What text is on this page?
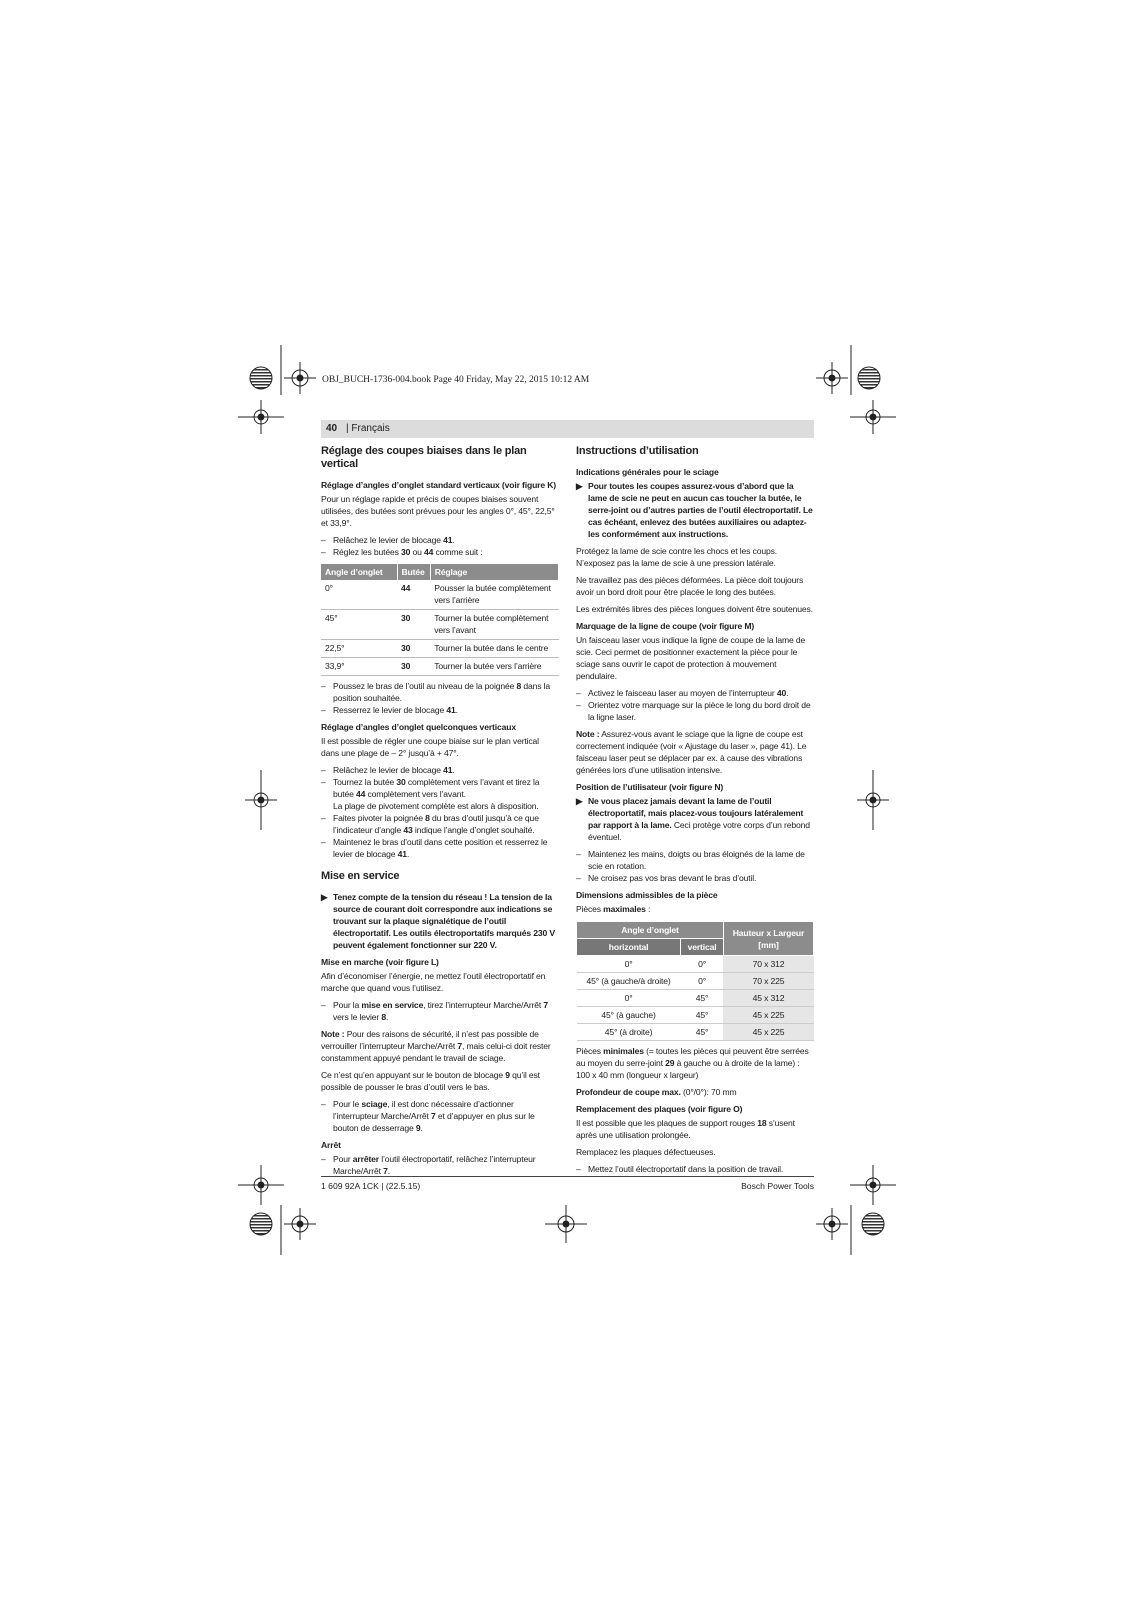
OBJ_BUCH-1736-004.book Page 40 Friday, May 22, 2015 10:12 AM
40 | Français
Réglage des coupes biaises dans le plan vertical
Réglage d’angles d’onglet standard verticaux (voir figure K)

Pour un réglage rapide et précis de coupes biaises souvent utilisées, des butées sont prévues pour les angles 0°, 45°, 22,5° et 33,9°.

– Relâchez le levier de blocage 41.
– Réglez les butées 30 ou 44 comme suit :
Angle d’onglet	Butée	Réglage
0°	44	Pousser la butée complètement vers l’arrière
45°	30	Tourner la butée complètement vers l’avant
22,5°	30	Tourner la butée dans le centre
33,9°	30	Tourner la butée vers l’arrière
– Poussez le bras de l’outil au niveau de la poignée 8 dans la position souhaitée.
– Resserrez le levier de blocage 41.
Réglage d’angles d’onglet quelconques verticaux

Il est possible de régler une coupe biaise sur le plan vertical dans une plage de – 2° jusqu’à + 47°.

– Relâchez le levier de blocage 41.
– Tournez la butée 30 complètement vers l’avant et tirez la butée 44 complètement vers l’avant.
La plage de pivotement complète est alors à disposition.
– Faites pivoter la poignée 8 du bras d’outil jusqu’à ce que l’indicateur d’angle 43 indique l’angle d’onglet souhaité.
– Maintenez le bras d’outil dans cette position et resserrez le levier de blocage 41.
Mise en service
▶ Tenez compte de la tension du réseau ! La tension de la source de courant doit correspondre aux indications se trouvant sur la plaque signalétique de l’outil électroportatif. Les outils électroportatifs marqués 230 V peuvent également fonctionner sur 220 V.
Mise en marche (voir figure L)

Afin d’économiser l’énergie, ne mettez l’outil électroportatif en marche que quand vous l’utilisez.

– Pour la mise en service, tirez l’interrupteur Marche/Arrêt 7 vers le levier 8.

Note : Pour des raisons de sécurité, il n’est pas possible de verrouiller l’interrupteur Marche/Arrêt 7, mais celui-ci doit rester constamment appuyé pendant le travail de sciage.

Ce n’est qu’en appuyant sur le bouton de blocage 9 qu’il est possible de pousser le bras d’outil vers le bas.

– Pour le sciage, il est donc nécessaire d’actionner l’interrupteur Marche/Arrêt 7 et d’appuyer en plus sur le bouton de desserrage 9.
Arrêt
– Pour arrêter l’outil électroportatif, relâchez l’interrupteur Marche/Arrêt 7.
Instructions d’utilisation
Indications générales pour le sciage
▶ Pour toutes les coupes assurez-vous d’abord que la lame de scie ne peut en aucun cas toucher la butée, le serre-joint ou d’autres parties de l’outil électroportatif. Le cas échéant, enlevez des butées auxiliaires ou adaptez-les conformément aux instructions.

Protégez la lame de scie contre les chocs et les coups. N’exposez pas la lame de scie à une pression latérale.

Ne travaillez pas des pièces déformées. La pièce doit toujours avoir un bord droit pour être placée le long des butées.

Les extrémités libres des pièces longues doivent être soutenues.

Marquage de la ligne de coupe (voir figure M)

Un faisceau laser vous indique la ligne de coupe de la lame de scie. Ceci permet de positionner exactement la pièce pour le sciage sans ouvrir le capot de protection à mouvement pendulaire.

– Activez le faisceau laser au moyen de l’interrupteur 40.
– Orientez votre marquage sur la pièce le long du bord droit de la ligne laser.

Note : Assurez-vous avant le sciage que la ligne de coupe est correctement indiquée (voir « Ajustage du laser », page 41). Le faisceau laser peut se déplacer par ex. à cause des vibrations générées lors d’une utilisation intensive.

Position de l’utilisateur (voir figure N)
▶ Ne vous placez jamais devant la lame de l’outil électroportatif, mais placez-vous toujours latéralement par rapport à la lame. Ceci protège votre corps d’un rebond éventuel.
– Maintenez les mains, doigts ou bras éloignés de la lame de scie en rotation.
– Ne croisez pas vos bras devant le bras d’outil.
Dimensions admissibles de la pièce

Pièces maximales :

Angle d’onglet		Hauteur x Largeur [mm]
horizontal	vertical	
0°	0°	70 x 312
45° (à gauche/à droite)	0°	70 x 225
0°	45°	45 x 312
45° (à gauche)	45°	45 x 225
45° (à droite)	45°	45 x 225

Pièces minimales (= toutes les pièces qui peuvent être serrées au moyen du serre-joint 29 à gauche ou à droite de la lame) : 100 x 40 mm (longueur x largeur)

Profondeur de coupe max. (0°/0°): 70 mm

Remplacement des plaques (voir figure O)

Il est possible que les plaques de support rouges 18 s’usent après une utilisation prolongée.

Remplacez les plaques défectueuses.

– Mettez l’outil électroportatif dans la position de travail.
1 609 92A 1CK | (22.5.15)	Bosch Power Tools
